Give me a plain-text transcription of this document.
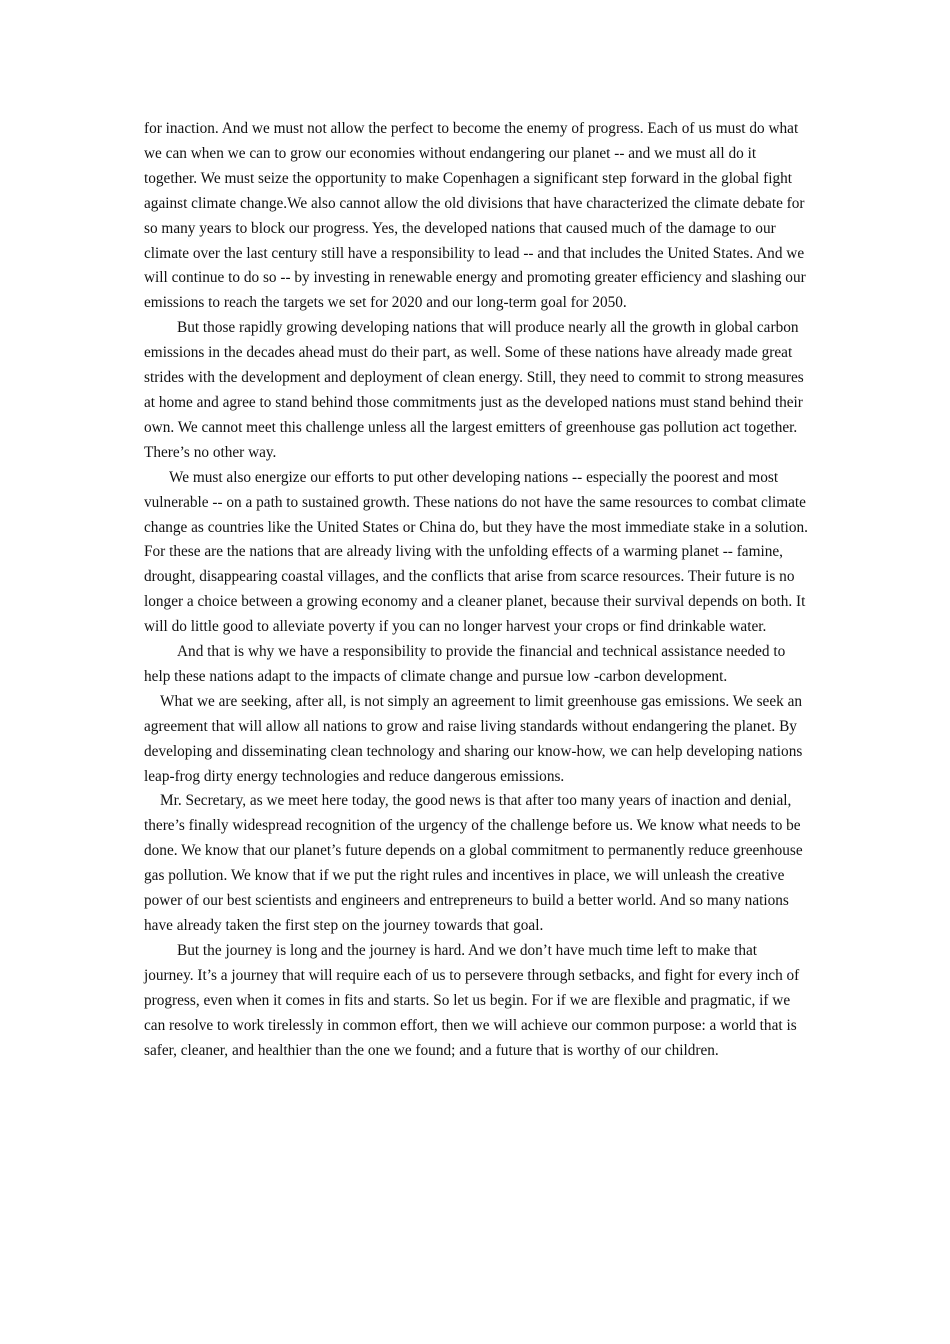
for inaction. And we must not allow the perfect to become the enemy of progress. Each of us must do what we can when we can to grow our economies without endangering our planet -- and we must all do it together. We must seize the opportunity to make Copenhagen a significant step forward in the global fight against climate change.We also cannot allow the old divisions that have characterized the climate debate for so many years to block our progress. Yes, the developed nations that caused much of the damage to our climate over the last century still have a responsibility to lead -- and that includes the United States. And we will continue to do so -- by investing in renewable energy and promoting greater efficiency and slashing our emissions to reach the targets we set for 2020 and our long-term goal for 2050.

But those rapidly growing developing nations that will produce nearly all the growth in global carbon emissions in the decades ahead must do their part, as well. Some of these nations have already made great strides with the development and deployment of clean energy. Still, they need to commit to strong measures at home and agree to stand behind those commitments just as the developed nations must stand behind their own. We cannot meet this challenge unless all the largest emitters of greenhouse gas pollution act together. There’s no other way.

We must also energize our efforts to put other developing nations -- especially the poorest and most vulnerable -- on a path to sustained growth. These nations do not have the same resources to combat climate change as countries like the United States or China do, but they have the most immediate stake in a solution. For these are the nations that are already living with the unfolding effects of a warming planet -- famine, drought, disappearing coastal villages, and the conflicts that arise from scarce resources. Their future is no longer a choice between a growing economy and a cleaner planet, because their survival depends on both. It will do little good to alleviate poverty if you can no longer harvest your crops or find drinkable water.

And that is why we have a responsibility to provide the financial and technical assistance needed to help these nations adapt to the impacts of climate change and pursue low -carbon development.

What we are seeking, after all, is not simply an agreement to limit greenhouse gas emissions. We seek an agreement that will allow all nations to grow and raise living standards without endangering the planet. By developing and disseminating clean technology and sharing our know-how, we can help developing nations leap-frog dirty energy technologies and reduce dangerous emissions.

Mr. Secretary, as we meet here today, the good news is that after too many years of inaction and denial, there’s finally widespread recognition of the urgency of the challenge before us. We know what needs to be done. We know that our planet’s future depends on a global commitment to permanently reduce greenhouse gas pollution. We know that if we put the right rules and incentives in place, we will unleash the creative power of our best scientists and engineers and entrepreneurs to build a better world. And so many nations have already taken the first step on the journey towards that goal.

But the journey is long and the journey is hard. And we don’t have much time left to make that journey. It’s a journey that will require each of us to persevere through setbacks, and fight for every inch of progress, even when it comes in fits and starts. So let us begin. For if we are flexible and pragmatic, if we can resolve to work tirelessly in common effort, then we will achieve our common purpose: a world that is safer, cleaner, and healthier than the one we found; and a future that is worthy of our children.
